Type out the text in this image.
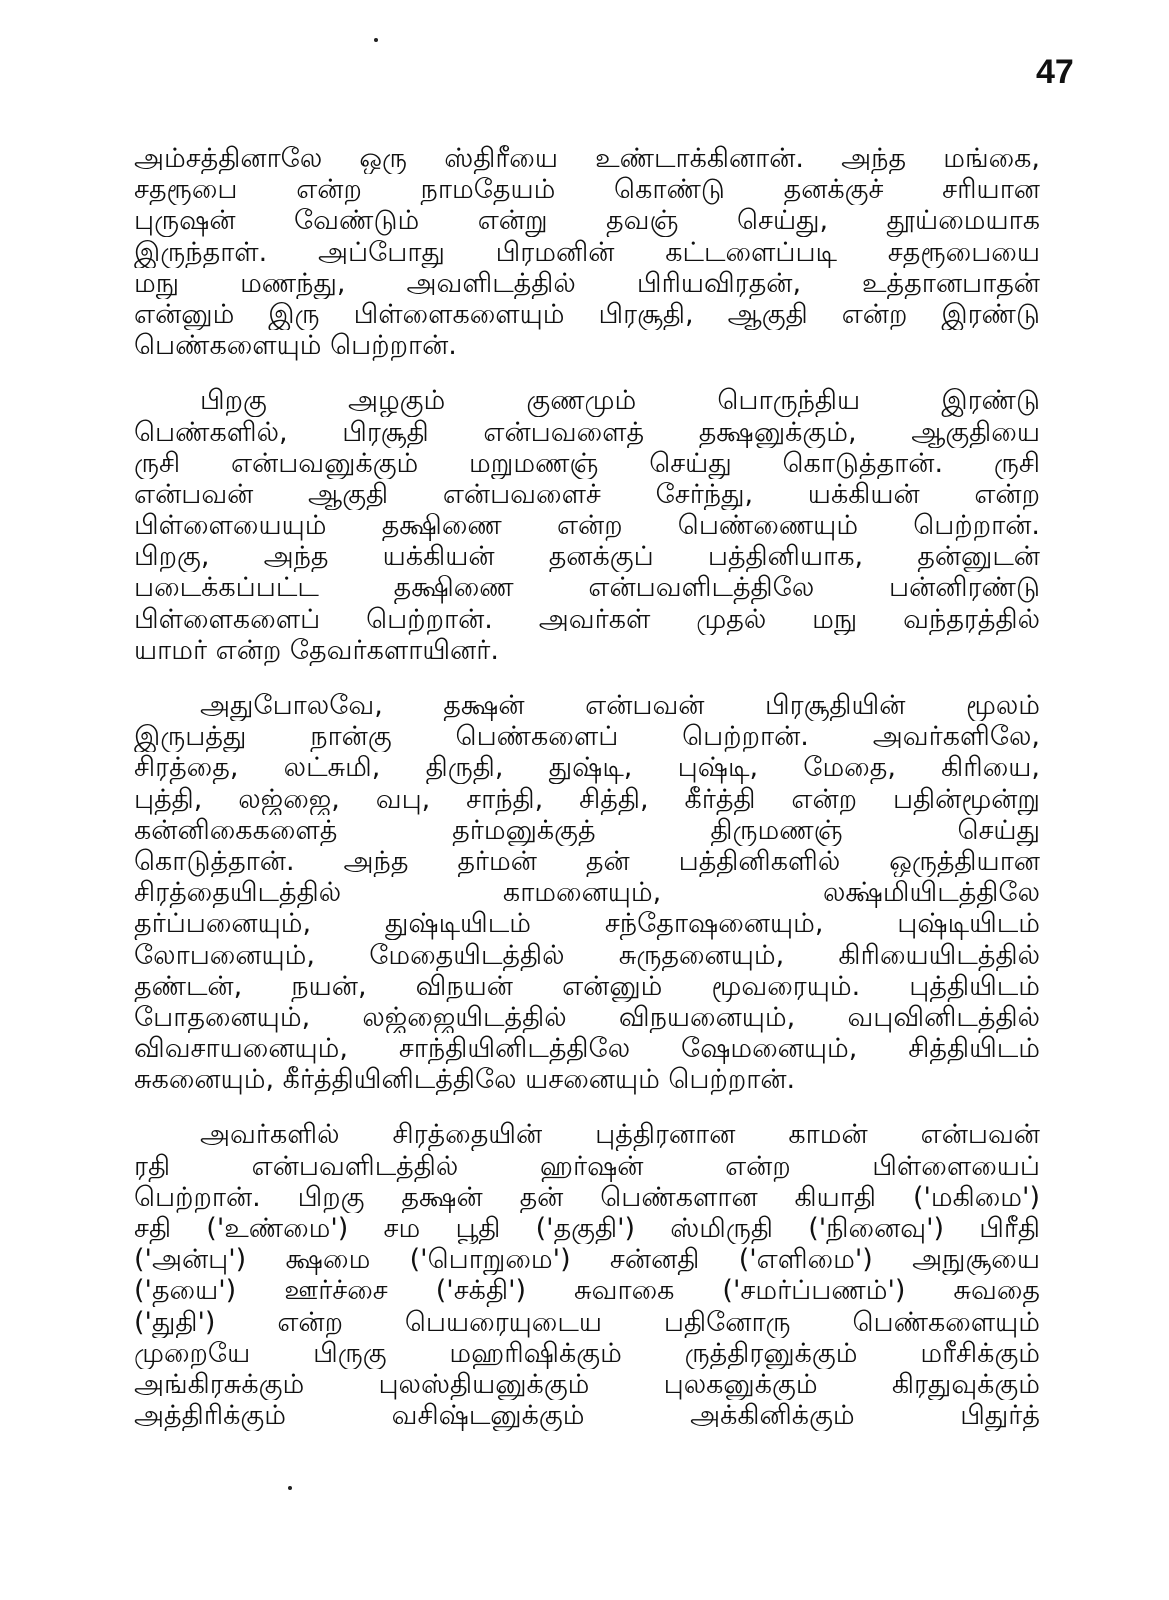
47
அம்சத்தினாலே ஒரு ஸ்திரீயை உண்டாக்கினான். அந்த மங்கை,
சதரூபை என்ற நாமதேயம் கொண்டு தனக்குச் சரியான
புருஷன் வேண்டும் என்று தவஞ் செய்து, தூய்மையாக
இருந்தாள். அப்போது பிரமனின் கட்டளைப்படி சதரூபையை
மநு மணந்து, அவளிடத்தில் பிரியவிரதன், உத்தானபாதன்
என்னும் இரு பிள்ளைகளையும் பிரசூதி, ஆகுதி என்ற இரண்டு
பெண்களையும் பெற்றான்.
பிறகு அழகும் குணமும் பொருந்திய இரண்டு
பெண்களில், பிரசூதி என்பவளைத் தக்ஷனுக்கும், ஆகுதியை
ருசி என்பவனுக்கும் மறுமணஞ் செய்து கொடுத்தான். ருசி
என்பவன் ஆகுதி என்பவளைச் சேர்ந்து, யக்கியன் என்ற
பிள்ளையையும் தக்ஷிணை என்ற பெண்ணையும் பெற்றான்.
பிறகு, அந்த யக்கியன் தனக்குப் பத்தினியாக, தன்னுடன்
படைக்கப்பட்ட தக்ஷிணை என்பவளிடத்திலே பன்னிரண்டு
பிள்ளைகளைப் பெற்றான். அவர்கள் முதல் மநு வந்தரத்தில்
யாமர் என்ற தேவர்களாயினர்.
அதுபோலவே, தக்ஷன் என்பவன் பிரசூதியின் மூலம்
இருபத்து நான்கு பெண்களைப் பெற்றான். அவர்களிலே,
சிரத்தை, லட்சுமி, திருதி, துஷ்டி, புஷ்டி, மேதை, கிரியை,
புத்தி, லஜ்ஜை, வபு, சாந்தி, சித்தி, கீர்த்தி என்ற பதின்மூன்று
கன்னிகைகளைத் தர்மனுக்குத் திருமணஞ் செய்து
கொடுத்தான். அந்த தர்மன் தன் பத்தினிகளில் ஒருத்தியான
சிரத்தையிடத்தில் காமனையும், லக்ஷ்மியிடத்திலே
தர்ப்பனையும், துஷ்டியிடம் சந்தோஷனையும், புஷ்டியிடம்
லோபனையும், மேதையிடத்தில் சுருதனையும், கிரியையிடத்தில்
தண்டன், நயன், விநயன் என்னும் மூவரையும். புத்தியிடம்
போதனையும், லஜ்ஜையிடத்தில் விநயனையும், வபுவினிடத்தில்
விவசாயனையும், சாந்தியினிடத்திலே ஷேமனையும், சித்தியிடம்
சுகனையும், கீர்த்தியினிடத்திலே யசனையும் பெற்றான்.
அவர்களில் சிரத்தையின் புத்திரனான காமன் என்பவன்
ரதி என்பவளிடத்தில் ஹர்ஷன் என்ற பிள்ளையைப்
பெற்றான். பிறகு தக்ஷன் தன் பெண்களான கியாதி ('மகிமை')
சதி ('உண்மை') சம பூதி ('தகுதி') ஸ்மிருதி ('நினைவு') பிரீதி
('அன்பு') க்ஷமை ('பொறுமை') சன்னதி ('எளிமை') அநுசூயை
('தயை') ஊர்ச்சை ('சக்தி') சுவாகை ('சமர்ப்பணம்') சுவதை
('துதி') என்ற பெயரையுடைய பதினோரு பெண்களையும்
முறையே பிருகு மஹரிஷிக்கும் ருத்திரனுக்கும் மரீசிக்கும்
அங்கிரசுக்கும் புலஸ்தியனுக்கும் புலகனுக்கும் கிரதுவுக்கும்
அத்திரிக்கும் வசிஷ்டனுக்கும் அக்கினிக்கும் பிதுர்த்
